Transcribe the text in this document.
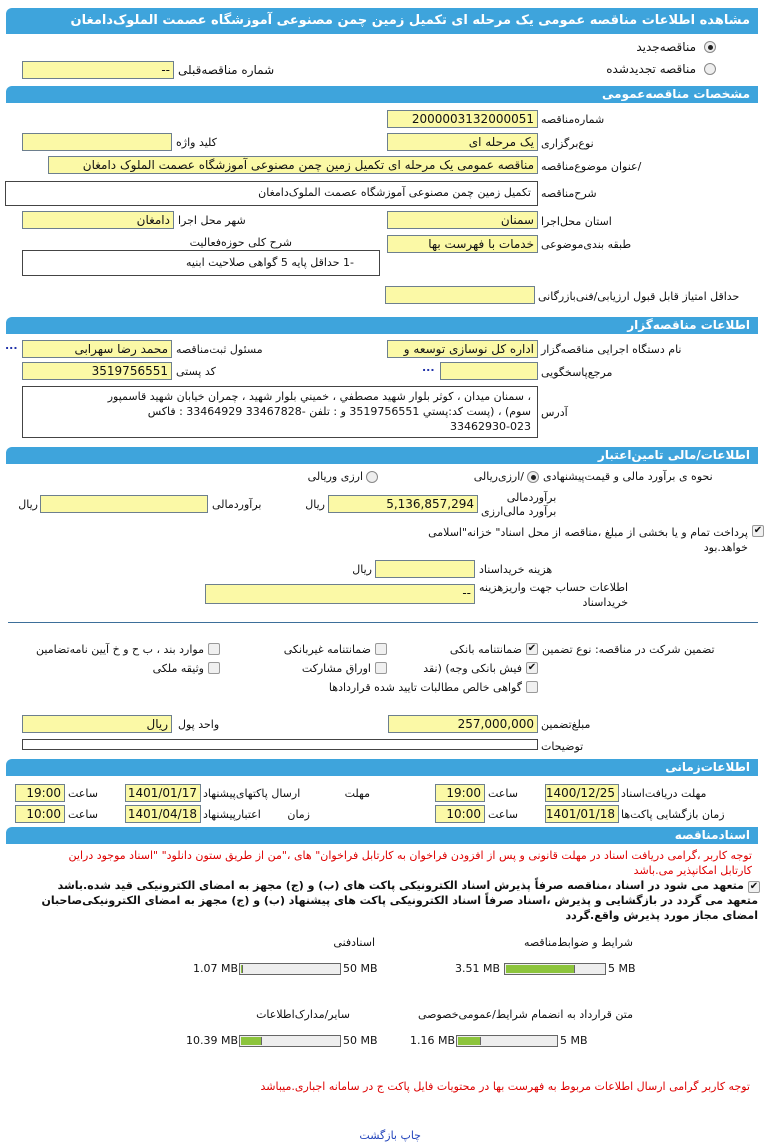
مشاهده اطلاعات مناقصه عمومی یک مرحله ای تکمیل زمین چمن مصنوعی آموزشگاه عصمت الملوک‌دامغان
مناقصه‌جدید
مناقصه تجدیدشده
-- شماره مناقصه‌قبلی
مشخصات مناقصه‌عمومی
شماره‌مناقصه
2000003132000051
نوع‌برگزاری
یک مرحله ای
کلید واژه
/عنوان موضوع‌مناقصه
مناقصه عمومی یک مرحله ای تکمیل زمین چمن مصنوعی آموزشگاه عصمت الملوک دامغان
شرح‌مناقصه
تکمیل زمین چمن مصنوعی آموزشگاه عصمت الملوک‌دامغان
استان محل‌اجرا
سمنان
دامغان شهر محل اجرا
طبقه بندی‌موضوعی
خدمات با فهرست بها
شرح کلی حوزه‌فعالیت
-1 حداقل پایه 5 گواهی صلاحیت ابنیه
حداقل امتیاز قابل قبول ارزیابی/فنی‌بازرگانی
اطلاعات مناقصه‌گزار
نام دستگاه اجرایی مناقصه‌گزار
اداره کل نوسازی توسعه و
محمد رضا سهرابی مسئول ثبت‌مناقصه
...
مرجع‌پاسخگویی
...
3519756551 کد پستی
آدرس
، سمنان میدان ، کوثر بلوار شهید مصطفي ، خميني بلوار شهيد ، چمران خيابان شهيد قاسمپور
سوم) ، (پست کد:پستي 3519756551 و : تلفن -33467828 33464929 : فاکس
33462930-023
اطلاعات/مالی تامین‌اعتبار
نحوه ی برآورد مالی و قیمت‌پیشنهادی
/ارزی‌ریالی
ارزی وریالی
برآوردمالی
برآورد مالی‌ارزی
5,136,857,294
ریال
برآوردمالی
ریال
✔
پرداخت تمام و یا بخشی از مبلغ ،مناقصه از محل اسناد" خزانه"اسلامی
خواهد.بود
هزینه خریداسناد
ریال
اطلاعات حساب جهت واریزهزینه
خریداسناد
--
تضمین شرکت در مناقصه: نوع تضمین
✔
ضمانتنامه بانکی
ضمانتنامه غیربانکی
موارد بند ، ب ح و خ آیین نامه‌تضامین
✔
فیش بانکی وجه) (نقد
اوراق مشارکت
وثیقه ملکی
گواهی خالص مطالبات تایید شده قراردادها
مبلغ‌تضمین
257,000,000
ریال واحد پول
توضیحات
اطلاعات‌زمانی
مهلت دریافت‌اسناد
1400/12/25
ساعت
19:00
مهلت
ارسال پاکتهای‌پیشنهاد
1401/01/17
ساعت
19:00
زمان بازگشایی پاکت‌ها
1401/01/18
ساعت
10:00
زمان
اعتبارپیشنهاد
1401/04/18
ساعت
10:00
اسنادمناقصه
توجه کاربر ،گرامی دریافت اسناد در مهلت قانونی و پس از افزودن فراخوان به کارتابل فراخوان" های ،"من از طریق ستون دانلود" "اسناد موجود دراین
کارتابل امکانپذیر می.باشد
✔
متعهد می شود در اسناد ،مناقصه صرفاً پذیرش اسناد الکترونیکی پاکت های (ب) و (ج) مجهز به امضای الکترونیکی قید شده.باشد
متعهد می گردد در بازگشایی و پذیرش ،اسناد صرفاً اسناد الکترونیکی پاکت های پیشنهاد (ب) و (ج) مجهز به امضای الکترونیکی‌صاحبان
امضای مجاز مورد پذیرش واقع.گردد
شرایط و ضوابط‌مناقصه
5 MB
3.51 MB
اسنادفنی
50 MB
1.07 MB
متن قرارداد به انضمام شرایط/عمومی‌خصوصی
5 MB
1.16 MB
سایر/مدارک‌اطلاعات
50 MB
10.39 MB
توجه کاربر گرامی ارسال اطلاعات مربوط به فهرست بها در محتویات فایل پاکت ج در سامانه اجباری.میباشد
چاپ بازگشت
